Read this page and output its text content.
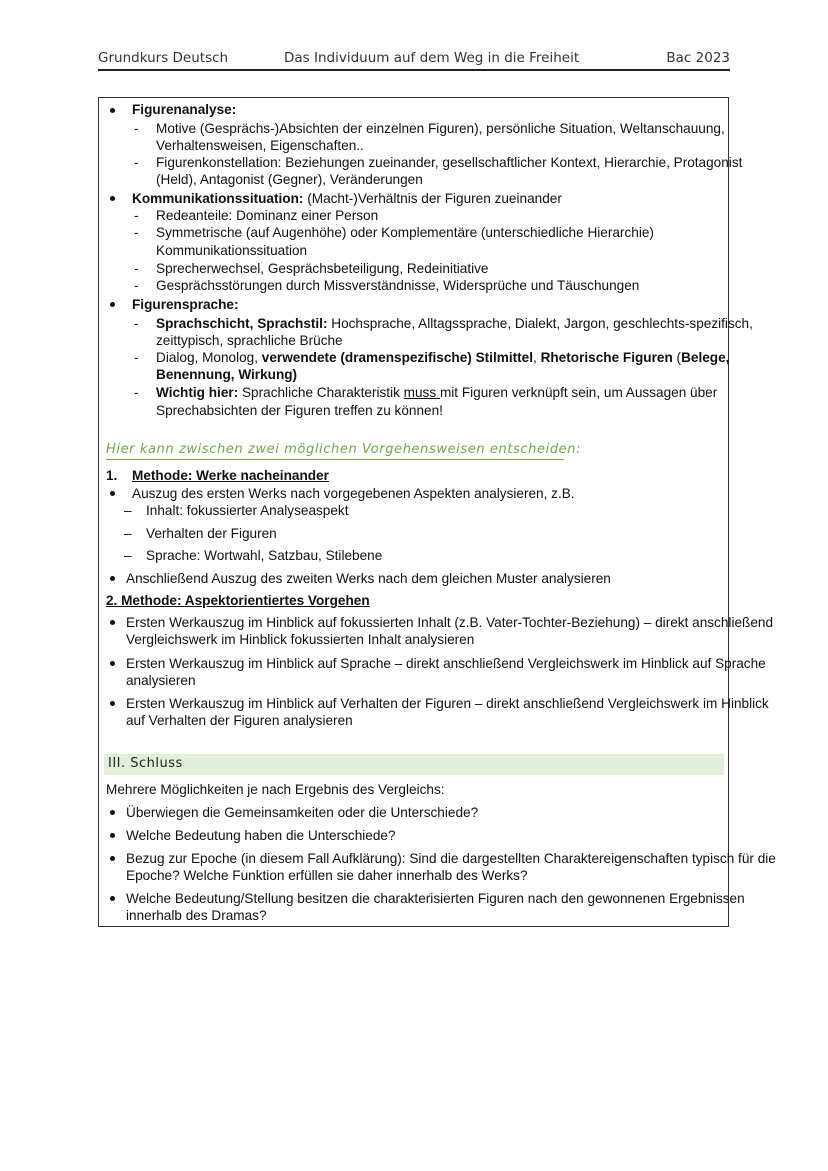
Grundkurs Deutsch	Das Individuum auf dem Weg in die Freiheit	Bac 2023
Figurenanalyse:
- Motive (Gesprächs-)Absichten der einzelnen Figuren), persönliche Situation, Weltanschauung,
Verhaltensweisen, Eigenschaften..
- Figurenkonstellation: Beziehungen zueinander, gesellschaftlicher Kontext, Hierarchie, Protagonist
(Held), Antagonist (Gegner), Veränderungen
Kommunikationssituation: (Macht-)Verhältnis der Figuren zueinander
- Redeanteile: Dominanz einer Person
- Symmetrische (auf Augenhöhe) oder Komplementäre (unterschiedliche Hierarchie)
Kommunikationssituation
- Sprecherwechsel, Gesprächsbeteiligung, Redeinitiative
- Gesprächsstörungen durch Missverständnisse, Widersprüche und Täuschungen
Figurensprache:
- Sprachschicht, Sprachstil: Hochsprache, Alltagssprache, Dialekt, Jargon, geschlechts-spezifisch,
zeittypisch, sprachliche Brüche
- Dialog, Monolog, verwendete (dramenspezifische) Stilmittel, Rhetorische Figuren (Belege,
Benennung, Wirkung)
- Wichtig hier: Sprachliche Charakteristik muss mit Figuren verknüpft sein, um Aussagen über
Sprechabsichten der Figuren treffen zu können!
Hier kann zwischen zwei möglichen Vorgehensweisen entscheiden:
1. Methode: Werke nacheinander
Auszug des ersten Werks nach vorgegebenen Aspekten analysieren, z.B.
– Inhalt: fokussierter Analyseaspekt
– Verhalten der Figuren
– Sprache: Wortwahl, Satzbau, Stilebene
Anschließend Auszug des zweiten Werks nach dem gleichen Muster analysieren
2. Methode: Aspektorientiertes Vorgehen
Ersten Werkauszug im Hinblick auf fokussierten Inhalt (z.B. Vater-Tochter-Beziehung) – direkt anschließend
Vergleichswerk im Hinblick fokussierten Inhalt analysieren
Ersten Werkauszug im Hinblick auf Sprache – direkt anschließend Vergleichswerk im Hinblick auf Sprache
analysieren
Ersten Werkauszug im Hinblick auf Verhalten der Figuren – direkt anschließend Vergleichswerk im Hinblick
auf Verhalten der Figuren analysieren
III. Schluss
Mehrere Möglichkeiten je nach Ergebnis des Vergleichs:
Überwiegen die Gemeinsamkeiten oder die Unterschiede?
Welche Bedeutung haben die Unterschiede?
Bezug zur Epoche (in diesem Fall Aufklärung): Sind die dargestellten Charaktereigenschaften typisch für die
Epoche? Welche Funktion erfüllen sie daher innerhalb des Werks?
Welche Bedeutung/Stellung besitzen die charakterisierten Figuren nach den gewonnenen Ergebnissen
innerhalb des Dramas?
